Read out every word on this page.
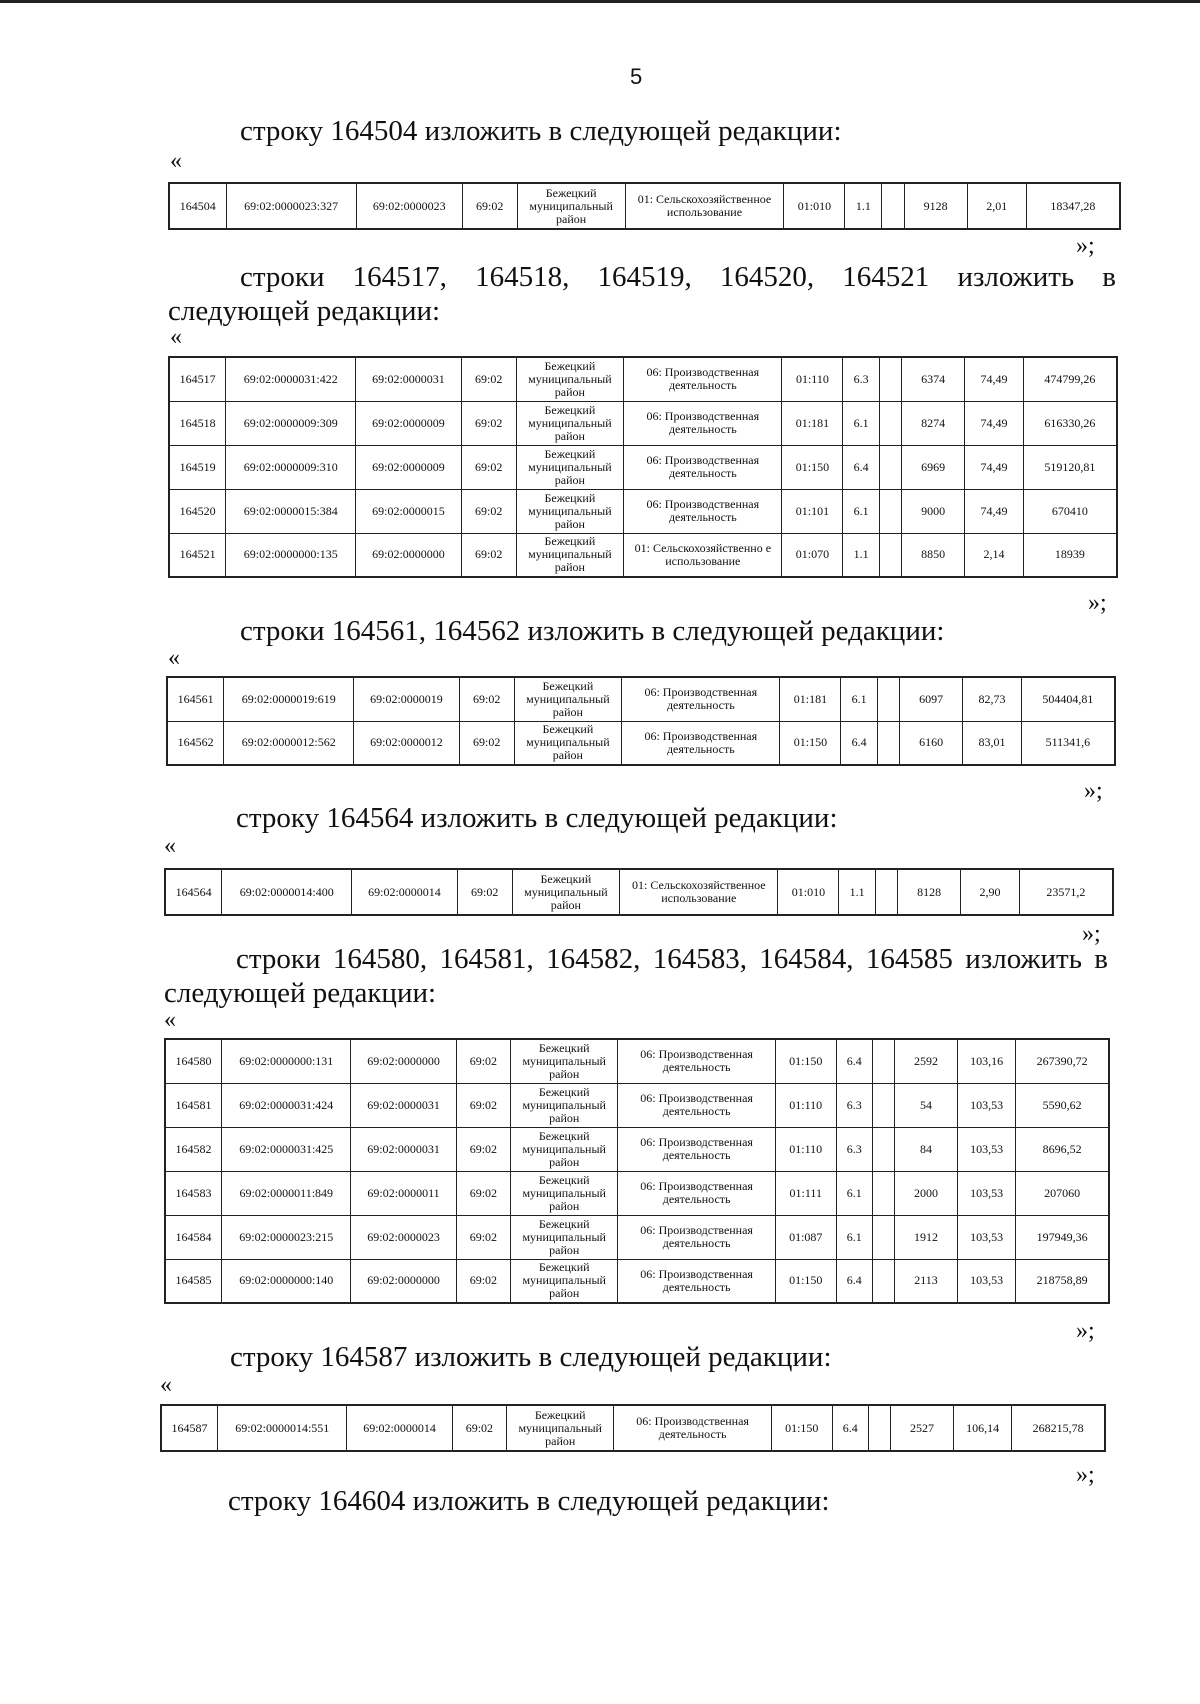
5
строку 164504 изложить в следующей редакции:
«
164504	69:02:0000023:327	69:02:0000023	69:02	Бежецкий муниципальный район	01: Сельскохозяйственное использование	01:010	1.1		9128	2,01	18347,28
»;
строки 164517, 164518, 164519, 164520, 164521 изложить в следующей редакции:
«
164517	69:02:0000031:422	69:02:0000031	69:02	Бежецкий муниципальный район	06: Производственная деятельность	01:110	6.3		6374	74,49	474799,26
164518	69:02:0000009:309	69:02:0000009	69:02	Бежецкий муниципальный район	06: Производственная деятельность	01:181	6.1		8274	74,49	616330,26
164519	69:02:0000009:310	69:02:0000009	69:02	Бежецкий муниципальный район	06: Производственная деятельность	01:150	6.4		6969	74,49	519120,81
164520	69:02:0000015:384	69:02:0000015	69:02	Бежецкий муниципальный район	06: Производственная деятельность	01:101	6.1		9000	74,49	670410
164521	69:02:0000000:135	69:02:0000000	69:02	Бежецкий муниципальный район	01: Сельскохозяйственно е использование	01:070	1.1		8850	2,14	18939
»;
строки 164561, 164562 изложить в следующей редакции:
«
164561	69:02:0000019:619	69:02:0000019	69:02	Бежецкий муниципальный район	06: Производственная деятельность	01:181	6.1		6097	82,73	504404,81
164562	69:02:0000012:562	69:02:0000012	69:02	Бежецкий муниципальный район	06: Производственная деятельность	01:150	6.4		6160	83,01	511341,6
»;
строку 164564 изложить в следующей редакции:
«
164564	69:02:0000014:400	69:02:0000014	69:02	Бежецкий муниципальный район	01: Сельскохозяйственное использование	01:010	1.1		8128	2,90	23571,2
»;
строки 164580, 164581, 164582, 164583, 164584, 164585 изложить в следующей редакции:
«
164580	69:02:0000000:131	69:02:0000000	69:02	Бежецкий муниципальный район	06: Производственная деятельность	01:150	6.4		2592	103,16	267390,72
164581	69:02:0000031:424	69:02:0000031	69:02	Бежецкий муниципальный район	06: Производственная деятельность	01:110	6.3		54	103,53	5590,62
164582	69:02:0000031:425	69:02:0000031	69:02	Бежецкий муниципальный район	06: Производственная деятельность	01:110	6.3		84	103,53	8696,52
164583	69:02:0000011:849	69:02:0000011	69:02	Бежецкий муниципальный район	06: Производственная деятельность	01:111	6.1		2000	103,53	207060
164584	69:02:0000023:215	69:02:0000023	69:02	Бежецкий муниципальный район	06: Производственная деятельность	01:087	6.1		1912	103,53	197949,36
164585	69:02:0000000:140	69:02:0000000	69:02	Бежецкий муниципальный район	06: Производственная деятельность	01:150	6.4		2113	103,53	218758,89
»;
строку 164587 изложить в следующей редакции:
«
164587	69:02:0000014:551	69:02:0000014	69:02	Бежецкий муниципальный район	06: Производственная деятельность	01:150	6.4		2527	106,14	268215,78
»;
строку 164604 изложить в следующей редакции:
